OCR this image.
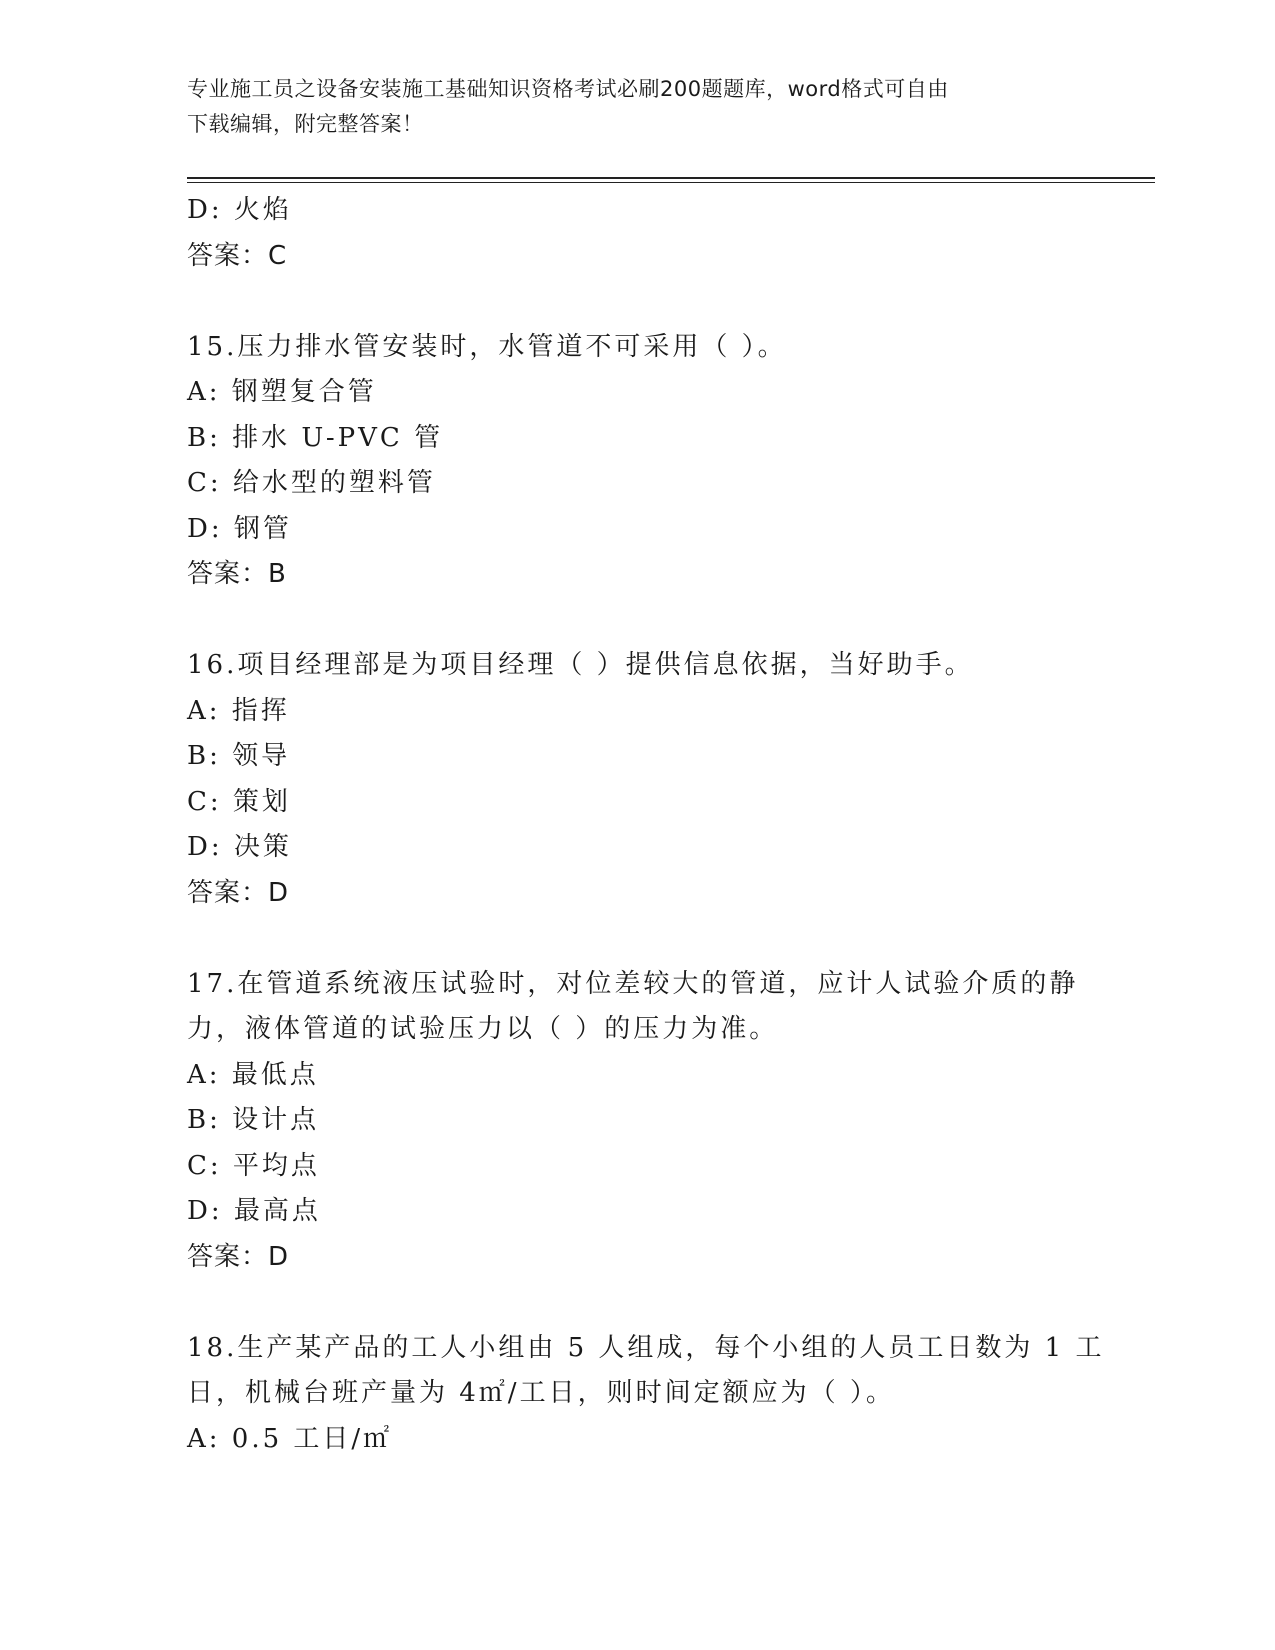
专业施工员之设备安装施工基础知识资格考试必刷200题题库，word格式可自由
下载编辑，附完整答案！
D: 火焰
答案：C
15.压力排水管安装时，水管道不可采用（ ）。
A: 钢塑复合管
B: 排水 U-PVC 管
C: 给水型的塑料管
D: 钢管
答案：B
16.项目经理部是为项目经理（ ）提供信息依据，当好助手。
A: 指挥
B: 领导
C: 策划
D: 决策
答案：D
17.在管道系统液压试验时，对位差较大的管道，应计人试验介质的静
力，液体管道的试验压力以（ ）的压力为准。
A: 最低点
B: 设计点
C: 平均点
D: 最高点
答案：D
18.生产某产品的工人小组由 5 人组成，每个小组的人员工日数为 1 工
日，机械台班产量为 4㎡/工日，则时间定额应为（ ）。
A: 0.5 工日/㎡
